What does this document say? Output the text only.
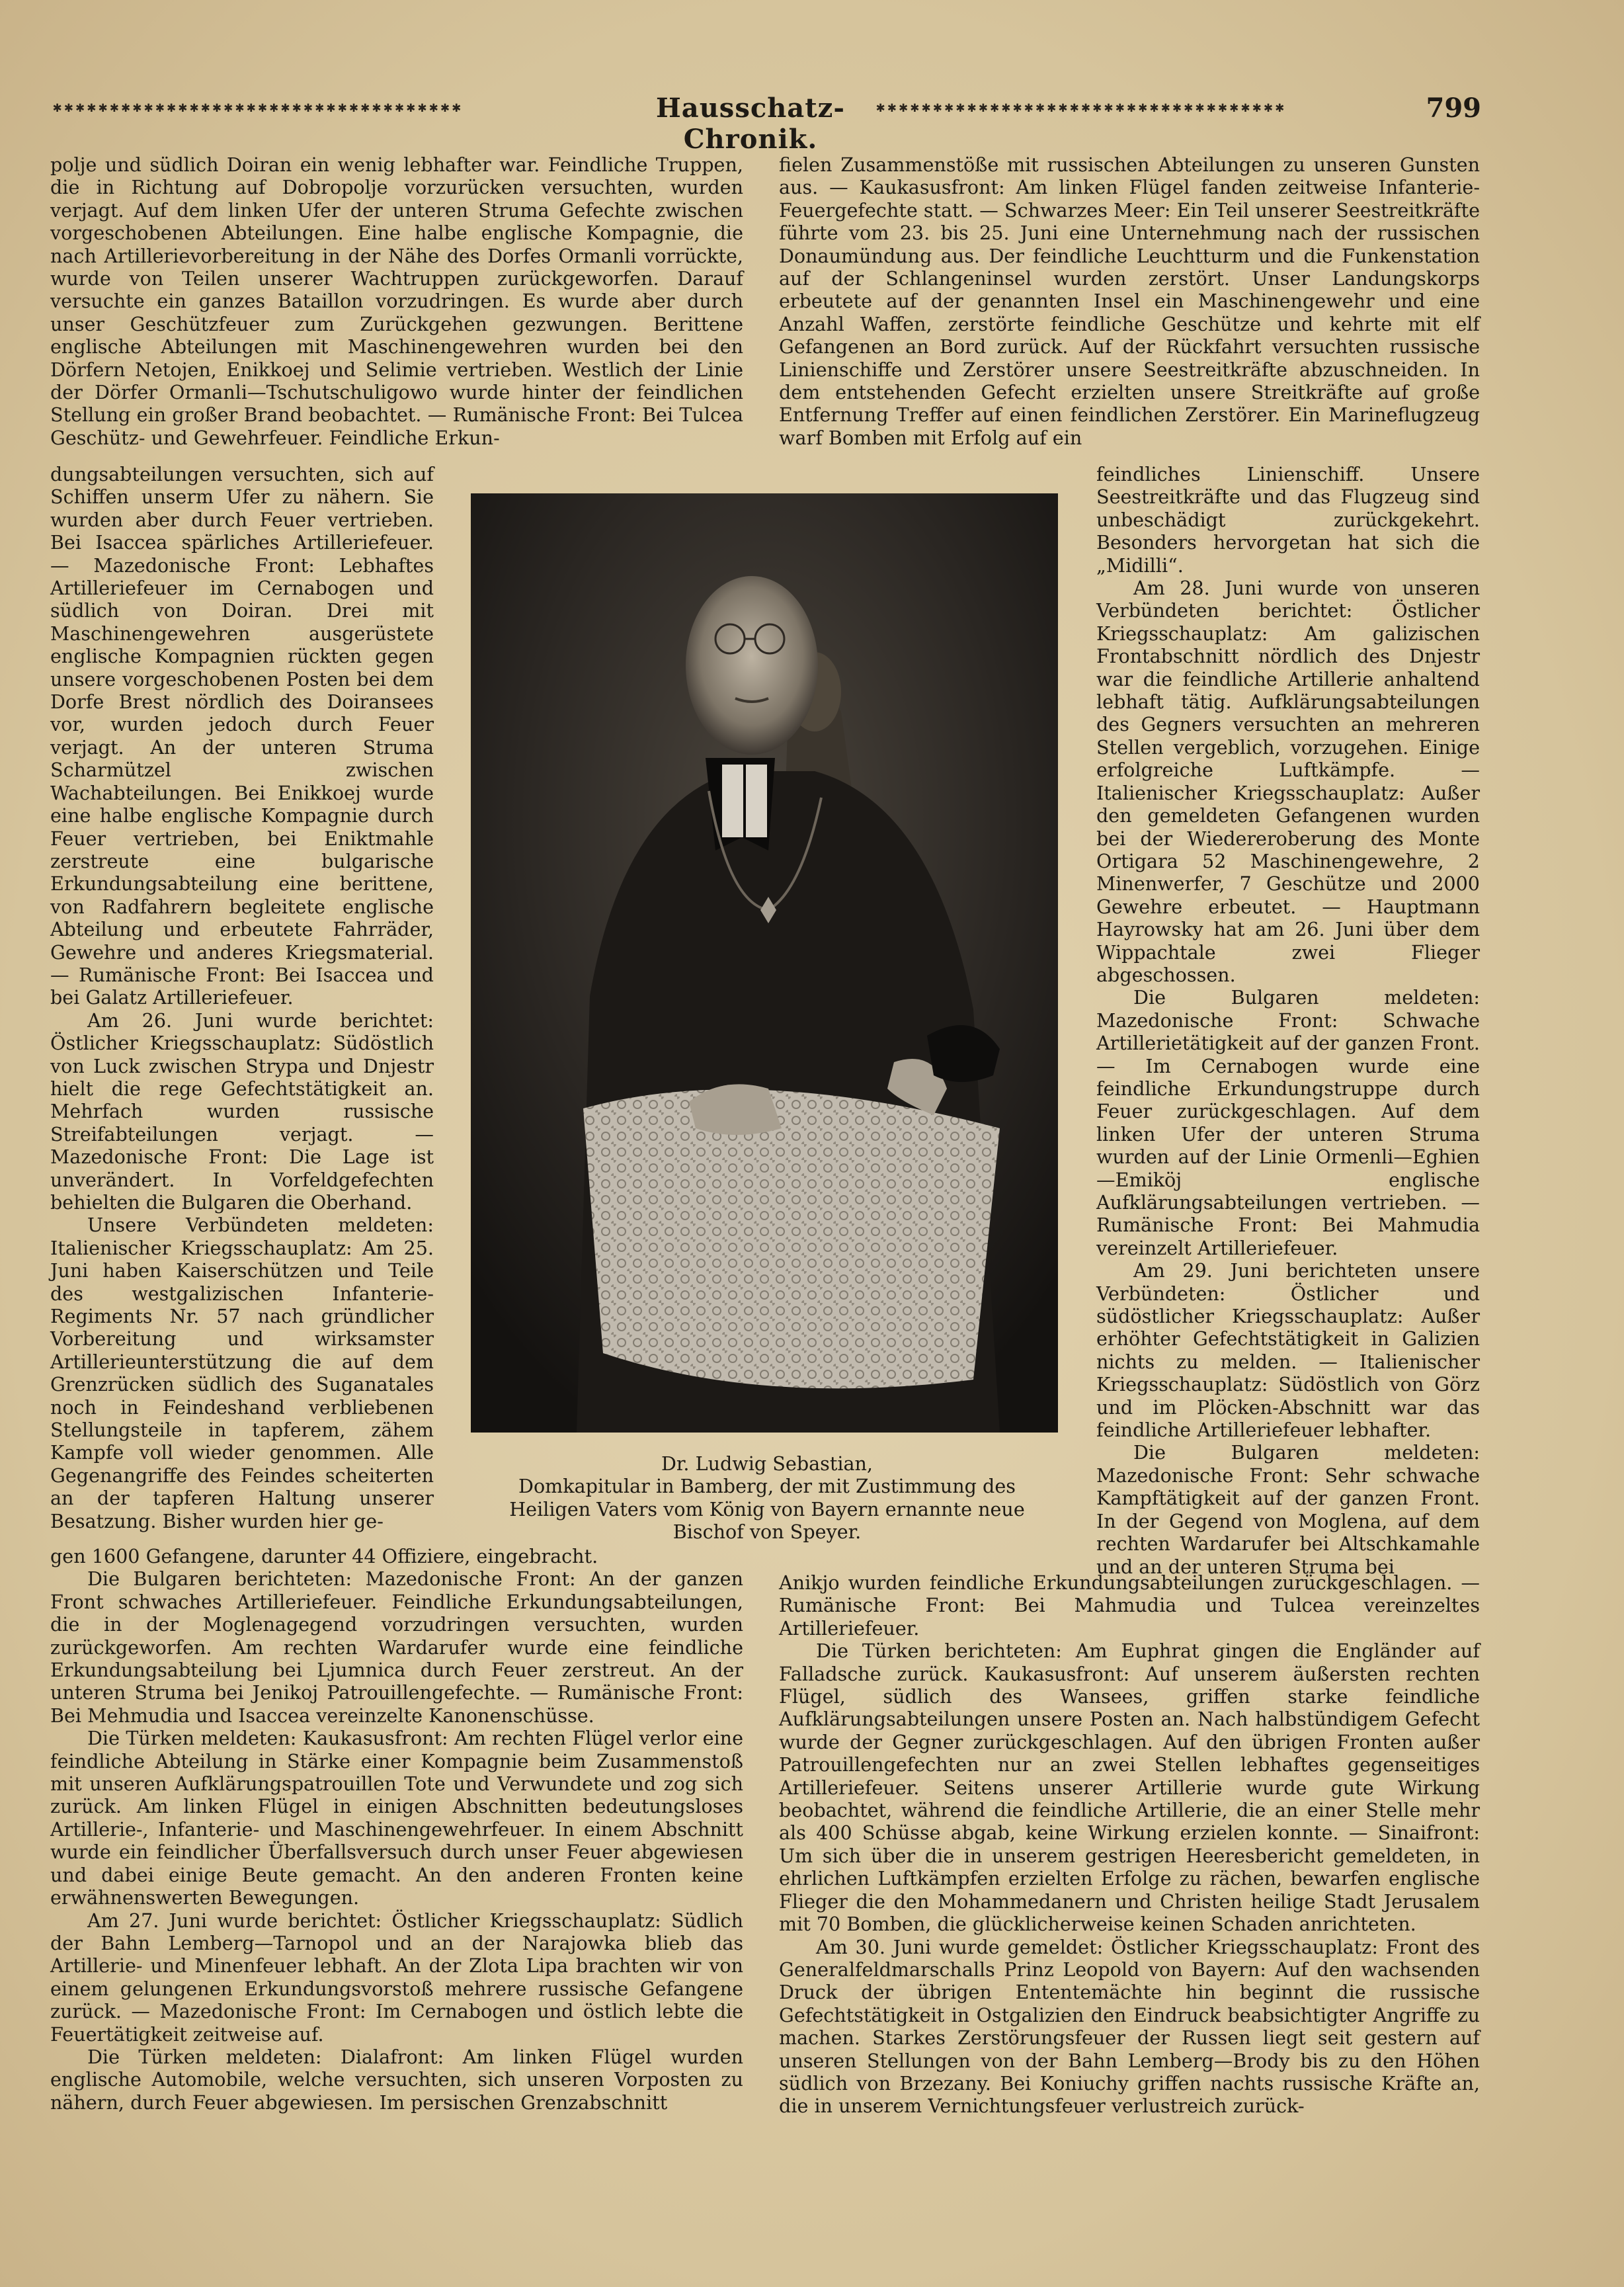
✱✱✱✱✱✱✱✱✱✱✱✱✱✱✱✱✱✱✱✱✱✱✱✱✱✱✱✱✱✱✱✱✱✱✱✱	Hausschatz-Chronik.
✱✱✱✱✱✱✱✱✱✱✱✱✱✱✱✱✱✱✱✱✱✱✱✱✱✱✱✱✱✱✱✱✱✱✱✱	799

polje und südlich Doiran ein wenig lebhafter war. Feindliche Truppen, die in Richtung auf Dobropolje vorzurücken versuchten, wurden verjagt. Auf dem linken Ufer der unteren Struma Gefechte zwischen vorgeschobenen Abteilungen. Eine halbe englische Kompagnie, die nach Artillerievorbereitung in der Nähe des Dorfes Ormanli vorrückte, wurde von Teilen unserer Wachtruppen zurückgeworfen. Darauf versuchte ein ganzes Bataillon vorzudringen. Es wurde aber durch unser Geschützfeuer zum Zurückgehen gezwungen. Berittene englische Abteilungen mit Maschinengewehren wurden bei den Dörfern Netojen, Enikkoej und Selimie vertrieben. Westlich der Linie der Dörfer Ormanli—Tschutschuligowo wurde hinter der feindlichen Stellung ein großer Brand beobachtet. — Rumänische Front: Bei Tulcea Geschütz- und Gewehrfeuer. Feindliche Erkun-

dungsabteilungen versuchten, sich auf Schiffen unserm Ufer zu nähern. Sie wurden aber durch Feuer vertrieben. Bei Isaccea spärliches Artilleriefeuer. — Mazedonische Front: Lebhaftes Artilleriefeuer im Cernabogen und südlich von Doiran. Drei mit Maschinengewehren ausgerüstete englische Kompagnien rückten gegen unsere vorgeschobenen Posten bei dem Dorfe Brest nördlich des Doiransees vor, wurden jedoch durch Feuer verjagt. An der unteren Struma Scharmützel zwischen Wachabteilungen. Bei Enikkoej wurde eine halbe englische Kompagnie durch Feuer vertrieben, bei Eniktmahle zerstreute eine bulgarische Erkundungsabteilung eine berittene, von Radfahrern begleitete englische Abteilung und erbeutete Fahrräder, Gewehre und anderes Kriegsmaterial. — Rumänische Front: Bei Isaccea und bei Galatz Artilleriefeuer.

Am 26. Juni wurde berichtet: Östlicher Kriegsschauplatz: Südöstlich von Luck zwischen Strypa und Dnjestr hielt die rege Gefechtstätigkeit an. Mehrfach wurden russische Streifabteilungen verjagt. — Mazedonische Front: Die Lage ist unverändert. In Vorfeldgefechten behielten die Bulgaren die Oberhand.

Unsere Verbündeten meldeten: Italienischer Kriegsschauplatz: Am 25. Juni haben Kaiserschützen und Teile des westgalizischen Infanterie-Regiments Nr. 57 nach gründlicher Vorbereitung und wirksamster Artillerieunterstützung die auf dem Grenzrücken südlich des Suganatales noch in Feindeshand verbliebenen Stellungsteile in tapferem, zähem Kampfe voll wieder genommen. Alle Gegenangriffe des Feindes scheiterten an der tapferen Haltung unserer Besatzung. Bisher wurden hier ge-

fielen Zusammenstöße mit russischen Abteilungen zu unseren Gunsten aus. — Kaukasusfront: Am linken Flügel fanden zeitweise Infanterie-Feuergefechte statt. — Schwarzes Meer: Ein Teil unserer Seestreitkräfte führte vom 23. bis 25. Juni eine Unternehmung nach der russischen Donaumündung aus. Der feindliche Leuchtturm und die Funkenstation auf der Schlangeninsel wurden zerstört. Unser Landungskorps erbeutete auf der genannten Insel ein Maschinengewehr und eine Anzahl Waffen, zerstörte feindliche Geschütze und kehrte mit elf Gefangenen an Bord zurück. Auf der Rückfahrt versuchten russische Linienschiffe und Zerstörer unsere Seestreitkräfte abzuschneiden. In dem entstehenden Gefecht erzielten unsere Streitkräfte auf große Entfernung Treffer auf einen feindlichen Zerstörer. Ein Marineflugzeug warf Bomben mit Erfolg auf ein

feindliches Linienschiff. Unsere Seestreitkräfte und das Flugzeug sind unbeschädigt zurückgekehrt. Besonders hervorgetan hat sich die „Midilli“.

Am 28. Juni wurde von unseren Verbündeten berichtet: Östlicher Kriegsschauplatz: Am galizischen Frontabschnitt nördlich des Dnjestr war die feindliche Artillerie anhaltend lebhaft tätig. Aufklärungsabteilungen des Gegners versuchten an mehreren Stellen vergeblich, vorzugehen. Einige erfolgreiche Luftkämpfe. — Italienischer Kriegsschauplatz: Außer den gemeldeten Gefangenen wurden bei der Wiedereroberung des Monte Ortigara 52 Maschinengewehre, 2 Minenwerfer, 7 Geschütze und 2000 Gewehre erbeutet. — Hauptmann Hayrowsky hat am 26. Juni über dem Wippachtale zwei Flieger abgeschossen.

Die Bulgaren meldeten: Mazedonische Front: Schwache Artillerietätigkeit auf der ganzen Front. — Im Cernabogen wurde eine feindliche Erkundungstruppe durch Feuer zurückgeschlagen. Auf dem linken Ufer der unteren Struma wurden auf der Linie Ormenli—Eghien—Emiköj englische Aufklärungsabteilungen vertrieben. — Rumänische Front: Bei Mahmudia vereinzelt Artilleriefeuer.

Am 29. Juni berichteten unsere Verbündeten: Östlicher und südöstlicher Kriegsschauplatz: Außer erhöhter Gefechtstätigkeit in Galizien nichts zu melden. — Italienischer Kriegsschauplatz: Südöstlich von Görz und im Plöcken-Abschnitt war das feindliche Artilleriefeuer lebhafter.

Die Bulgaren meldeten: Mazedonische Front: Sehr schwache Kampftätigkeit auf der ganzen Front. In der Gegend von Moglena, auf dem rechten Wardarufer bei Altschkamahle und an der unteren Struma bei

Dr. Ludwig Sebastian,
Domkapitular in Bamberg, der mit Zustimmung des
Heiligen Vaters vom König von Bayern ernannte neue
Bischof von Speyer.

gen 1600 Gefangene, darunter 44 Offiziere, eingebracht.

Die Bulgaren berichteten: Mazedonische Front: An der ganzen Front schwaches Artilleriefeuer. Feindliche Erkundungsabteilungen, die in der Moglenagegend vorzudringen versuchten, wurden zurückgeworfen. Am rechten Wardarufer wurde eine feindliche Erkundungsabteilung bei Ljumnica durch Feuer zerstreut. An der unteren Struma bei Jenikoj Patrouillengefechte. — Rumänische Front: Bei Mehmudia und Isaccea vereinzelte Kanonenschüsse.

Die Türken meldeten: Kaukasusfront: Am rechten Flügel verlor eine feindliche Abteilung in Stärke einer Kompagnie beim Zusammenstoß mit unseren Aufklärungspatrouillen Tote und Verwundete und zog sich zurück. Am linken Flügel in einigen Abschnitten bedeutungsloses Artillerie-, Infanterie- und Maschinengewehrfeuer. In einem Abschnitt wurde ein feindlicher Überfallsversuch durch unser Feuer abgewiesen und dabei einige Beute gemacht. An den anderen Fronten keine erwähnenswerten Bewegungen.

Am 27. Juni wurde berichtet: Östlicher Kriegsschauplatz: Südlich der Bahn Lemberg—Tarnopol und an der Narajowka blieb das Artillerie- und Minenfeuer lebhaft. An der Zlota Lipa brachten wir von einem gelungenen Erkundungsvorstoß mehrere russische Gefangene zurück. — Mazedonische Front: Im Cernabogen und östlich lebte die Feuertätigkeit zeitweise auf.

Die Türken meldeten: Dialafront: Am linken Flügel wurden englische Automobile, welche versuchten, sich unseren Vorposten zu nähern, durch Feuer abgewiesen. Im persischen Grenzabschnitt

Anikjo wurden feindliche Erkundungsabteilungen zurückgeschlagen. — Rumänische Front: Bei Mahmudia und Tulcea vereinzeltes Artilleriefeuer.

Die Türken berichteten: Am Euphrat gingen die Engländer auf Falladsche zurück. Kaukasusfront: Auf unserem äußersten rechten Flügel, südlich des Wansees, griffen starke feindliche Aufklärungsabteilungen unsere Posten an. Nach halbstündigem Gefecht wurde der Gegner zurückgeschlagen. Auf den übrigen Fronten außer Patrouillengefechten nur an zwei Stellen lebhaftes gegenseitiges Artilleriefeuer. Seitens unserer Artillerie wurde gute Wirkung beobachtet, während die feindliche Artillerie, die an einer Stelle mehr als 400 Schüsse abgab, keine Wirkung erzielen konnte. — Sinaifront: Um sich über die in unserem gestrigen Heeresbericht gemeldeten, in ehrlichen Luftkämpfen erzielten Erfolge zu rächen, bewarfen englische Flieger die den Mohammedanern und Christen heilige Stadt Jerusalem mit 70 Bomben, die glücklicherweise keinen Schaden anrichteten.

Am 30. Juni wurde gemeldet: Östlicher Kriegsschauplatz: Front des Generalfeldmarschalls Prinz Leopold von Bayern: Auf den wachsenden Druck der übrigen Ententemächte hin beginnt die russische Gefechtstätigkeit in Ostgalizien den Eindruck beabsichtigter Angriffe zu machen. Starkes Zerstörungsfeuer der Russen liegt seit gestern auf unseren Stellungen von der Bahn Lemberg—Brody bis zu den Höhen südlich von Brzezany. Bei Koniuchy griffen nachts russische Kräfte an, die in unserem Vernichtungsfeuer verlustreich zurück-
